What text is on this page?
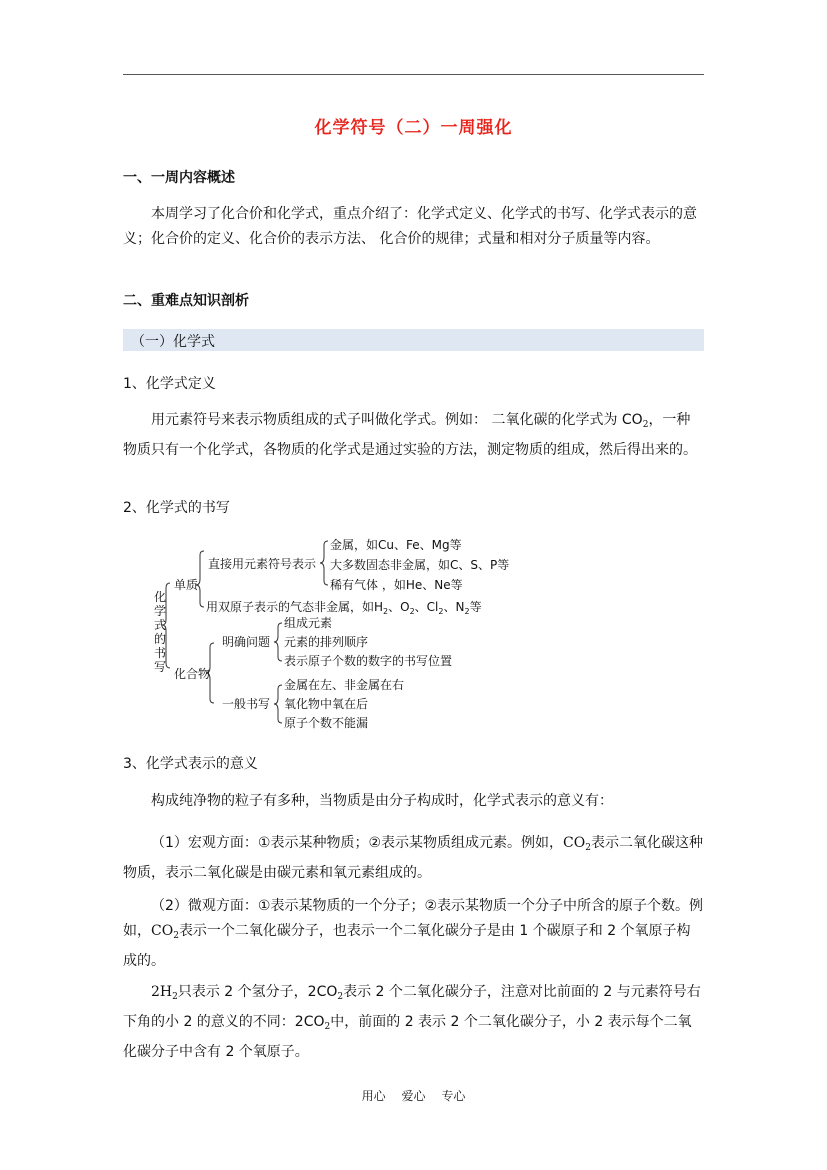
化学符号（二）一周强化
一、一周内容概述

本周学习了化合价和化学式，重点介绍了：化学式定义、化学式的书写、化学式表示的意义；化合价的定义、化合价的表示方法、 化合价的规律；式量和相对分子质量等内容。

二、重难点知识剖析
（一）化学式
1、化学式定义

用元素符号来表示物质组成的式子叫做化学式。例如： 二氧化碳的化学式为 $CO_2$，一种物质只有一个化学式，各物质的化学式是通过实验的方法，测定物质的组成，然后得出来的。

2、化学式的书写
化
学
式
的
书
写
单质
直接用元素符号表示
金属，如Cu、Fe、Mg等
大多数固态非金属，如C、S、P等
稀有气体 ，如He、Ne等
用双原子表示的气态非金属，如$H_2$、$O_2$、$Cl_2$、$N_2$等
化合物
明确问题
组成元素
元素的排列顺序
表示原子个数的数字的书写位置
一般书写
金属在左、非金属在右
氧化物中氧在后
原子个数不能漏
3、化学式表示的意义

构成纯净物的粒子有多种，当物质是由分子构成时，化学式表示的意义有：

（1）宏观方面：①表示某种物质；②表示某物质组成元素。例如，$CO_2$表示二氧化碳这种物质，表示二氧化碳是由碳元素和氧元素组成的。

（2）微观方面：①表示某物质的一个分子；②表示某物质一个分子中所含的原子个数。例如，$CO_2$表示一个二氧化碳分子，也表示一个二氧化碳分子是由 1 个碳原子和 2 个氧原子构成的。

$2H_2$只表示 2 个氢分子，$2CO_2$表示 2 个二氧化碳分子，注意对比前面的 2 与元素符号右下角的小 2 的意义的不同：$2CO_2$中，前面的 2 表示 2 个二氧化碳分子，小 2 表示每个二氧化碳分子中含有 2 个氧原子。

用心 爱心 专心
